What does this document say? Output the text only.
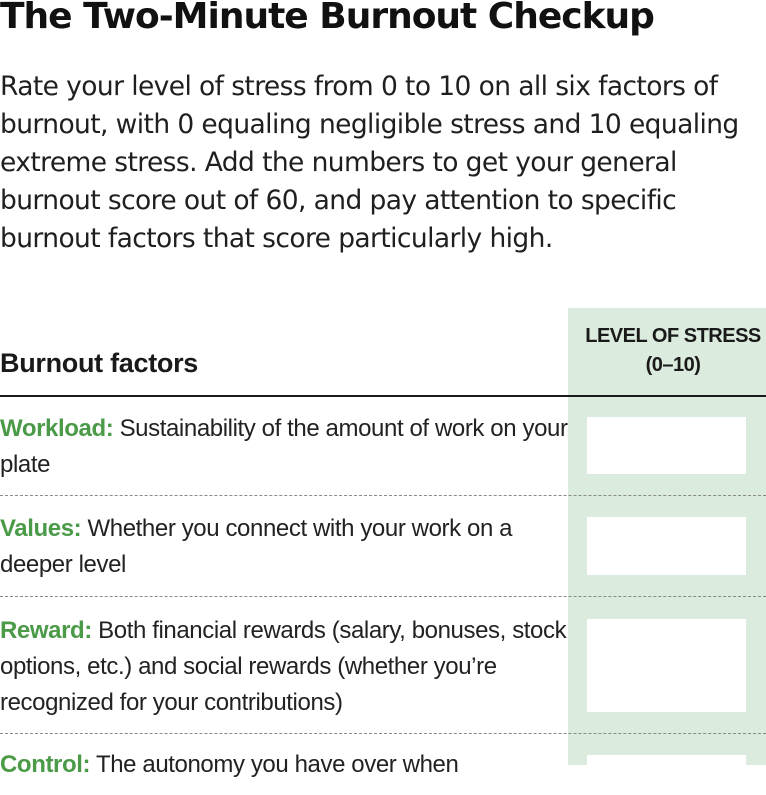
The Two-Minute Burnout Checkup

Rate your level of stress from 0 to 10 on all six factors of burnout, with 0 equaling negligible stress and 10 equaling extreme stress. Add the numbers to get your general burnout score out of 60, and pay attention to specific burnout factors that score particularly high.

LEVEL OF STRESS
(0–10)
Burnout factors
Workload: Sustainability of the amount of work on your plate
Values: Whether you connect with your work on a deeper level
Reward: Both financial rewards (salary, bonuses, stock options, etc.) and social rewards (whether you’re recognized for your contributions)
Control: The autonomy you have over when
